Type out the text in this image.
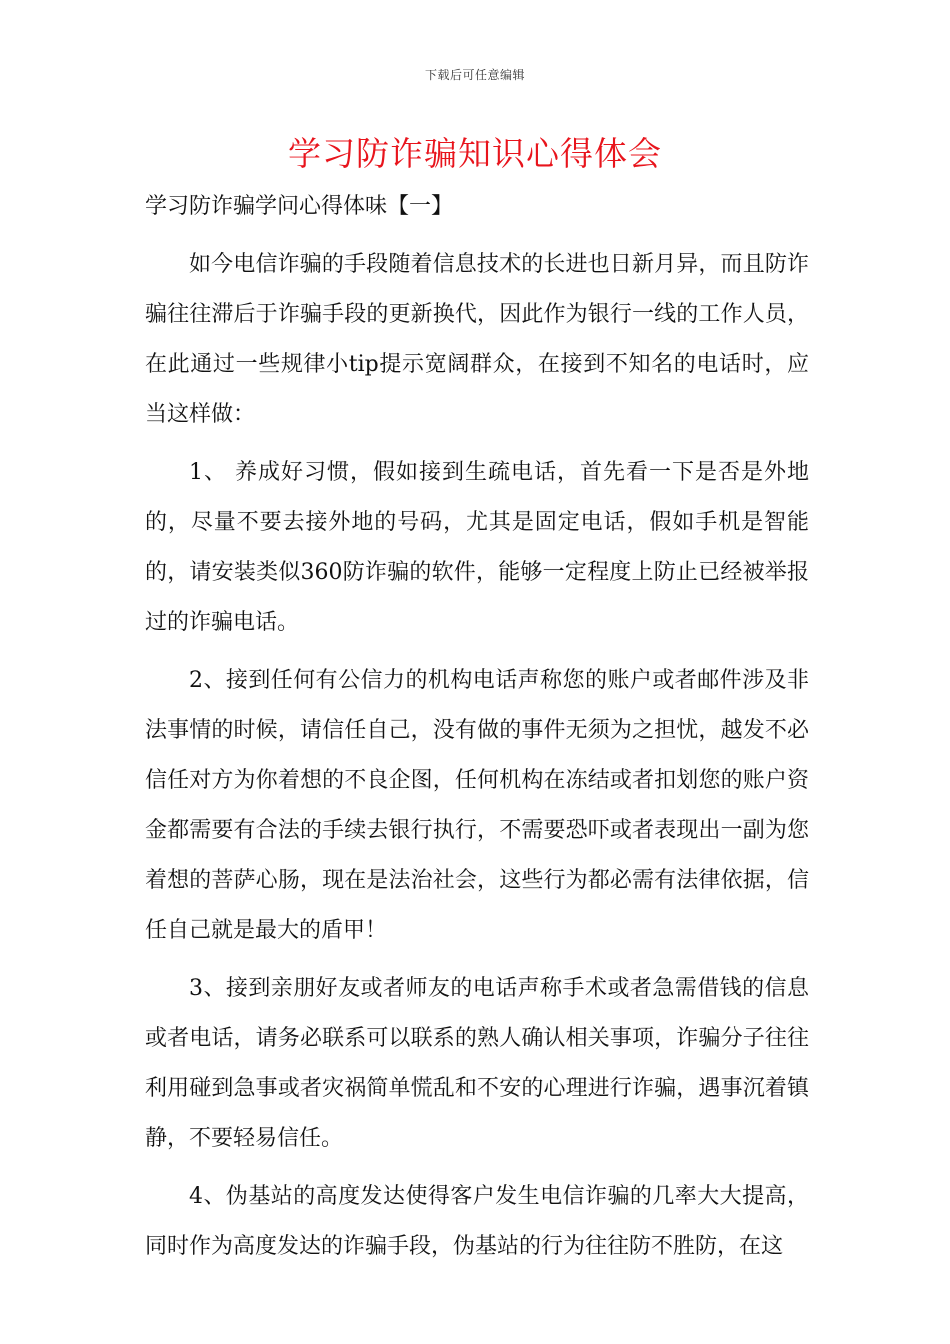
下载后可任意编辑
学习防诈骗知识心得体会

学习防诈骗学问心得体味【一】

如今电信诈骗的手段随着信息技术的长进也日新月异，而且防诈骗往往滞后于诈骗手段的更新换代，因此作为银行一线的工作人员，在此通过一些规律小tip提示宽阔群众，在接到不知名的电话时，应当这样做：

1、 养成好习惯，假如接到生疏电话，首先看一下是否是外地的，尽量不要去接外地的号码，尤其是固定电话，假如手机是智能的，请安装类似360防诈骗的软件，能够一定程度上防止已经被举报过的诈骗电话。

2、接到任何有公信力的机构电话声称您的账户或者邮件涉及非法事情的时候，请信任自己，没有做的事件无须为之担忧，越发不必信任对方为你着想的不良企图，任何机构在冻结或者扣划您的账户资金都需要有合法的手续去银行执行，不需要恐吓或者表现出一副为您着想的菩萨心肠，现在是法治社会，这些行为都必需有法律依据，信任自己就是最大的盾甲！

3、接到亲朋好友或者师友的电话声称手术或者急需借钱的信息或者电话，请务必联系可以联系的熟人确认相关事项，诈骗分子往往利用碰到急事或者灾祸简单慌乱和不安的心理进行诈骗，遇事沉着镇静，不要轻易信任。

4、伪基站的高度发达使得客户发生电信诈骗的几率大大提高，同时作为高度发达的诈骗手段，伪基站的行为往往防不胜防，在这
